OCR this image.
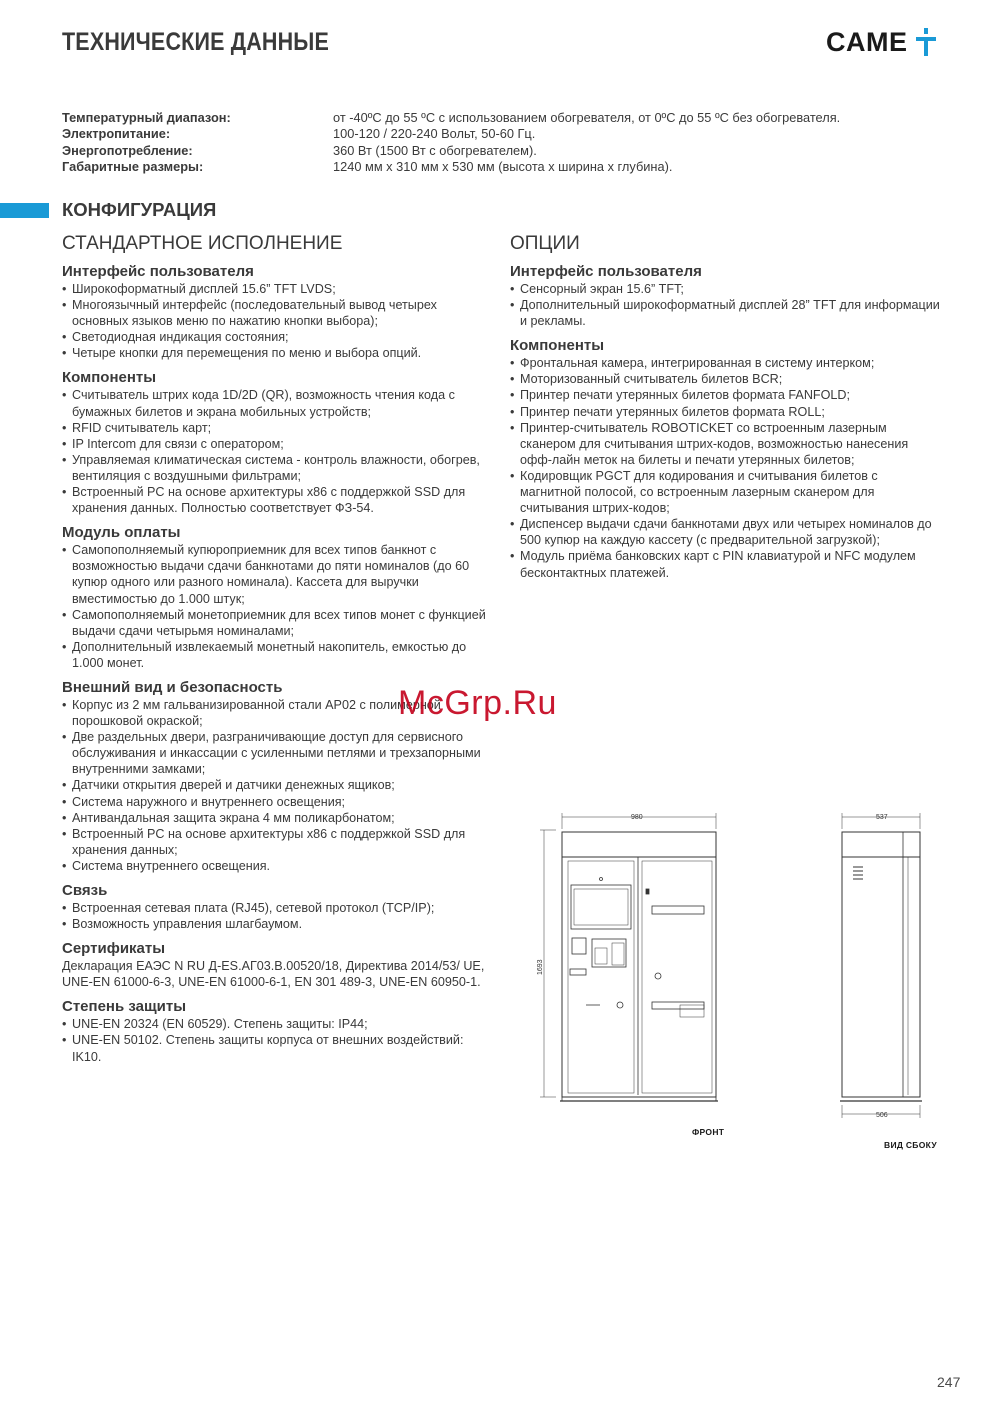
ТЕХНИЧЕСКИЕ ДАННЫЕ	CAME
Температурный диапазон:	от -40ºС до 55 ºС с использованием обогревателя, от 0ºС до 55 ºС без обогревателя.
Электропитание:	100-120 / 220-240 Вольт, 50-60 Гц.
Энергопотребление:	360 Вт (1500 Вт с обогревателем).
Габаритные размеры:	1240 мм x 310 мм x 530 мм (высота x ширина x глубина).
КОНФИГУРАЦИЯ
СТАНДАРТНОЕ ИСПОЛНЕНИЕ
Интерфейс пользователя
• Широкоформатный дисплей 15.6” TFT LVDS;
• Многоязычный интерфейс (последовательный вывод четырех основных языков меню по нажатию кнопки выбора);
• Светодиодная индикация состояния;
• Четыре кнопки для перемещения по меню и выбора опций.
Компоненты
• Считыватель штрих кода 1D/2D (QR), возможность чтения кода с бумажных билетов и экрана мобильных устройств;
• RFID считыватель карт;
• IP Intercom для связи с оператором;
• Управляемая климатическая система - контроль влажности, обогрев, вентиляция с воздушными фильтрами;
• Встроенный PC на основе архитектуры x86 с поддержкой SSD для хранения данных. Полностью соответствует ФЗ-54.
Модуль оплаты
• Самопополняемый купюроприемник для всех типов банкнот с возможностью выдачи сдачи банкнотами до пяти номиналов (до 60 купюр одного или разного номинала). Кассета для выручки вместимостью до 1.000 штук;
• Самопополняемый монетоприемник для всех типов монет с функцией выдачи сдачи четырьмя номиналами;
• Дополнительный извлекаемый монетный накопитель, емкостью до 1.000 монет.
Внешний вид и безопасность
• Корпус из 2 мм гальванизированной стали AP02 с полимерной порошковой окраской;
• Две раздельных двери, разграничивающие доступ для сервисного обслуживания и инкассации с усиленными петлями и трехзапорными внутренними замками;
• Датчики открытия дверей и датчики денежных ящиков;
• Система наружного и внутреннего освещения;
• Антивандальная защита экрана 4 мм поликарбонатом;
• Встроенный PC на основе архитектуры x86 с поддержкой SSD для хранения данных;
• Система внутреннего освещения.
Связь
• Встроенная сетевая плата (RJ45), сетевой протокол (TCP/IP);
• Возможность управления шлагбаумом.
Сертификаты

Декларация ЕАЭС N RU Д-ES.АГ03.В.00520/18, Директива 2014/53/ UE, UNE-EN 61000-6-3, UNE-EN 61000-6-1, EN 301 489-3, UNE-EN 60950-1.

Степень защиты
• UNE-EN 20324 (EN 60529). Степень защиты: IP44;
• UNE-EN 50102. Степень защиты корпуса от внешних воздействий: IK10.
ОПЦИИ
Интерфейс пользователя
• Сенсорный экран 15.6” TFT;
• Дополнительный широкоформатный дисплей 28” TFT для информации и рекламы.
Компоненты
• Фронтальная камера, интегрированная в систему интерком;
• Моторизованный считыватель билетов BCR;
• Принтер печати утерянных билетов формата FANFOLD;
• Принтер печати утерянных билетов формата ROLL;
• Принтер-считыватель ROBOTICKET со встроенным лазерным сканером для считывания штрих-кодов, возможностью нанесения офф-лайн меток на билеты и печати утерянных билетов;
• Кодировщик PGCT для кодирования и считывания билетов с магнитной полосой, со встроенным лазерным сканером для считывания штрих-кодов;
• Диспенсер выдачи сдачи банкнотами двух или четырех номиналов до 500 купюр на каждую кассету (с предварительной загрузкой);
• Модуль приёма банковских карт с PIN клавиатурой и NFC модулем бесконтактных платежей.
McGrp.Ru
980
1693
537
506
ФРОНТ
ВИД СБОКУ
247
